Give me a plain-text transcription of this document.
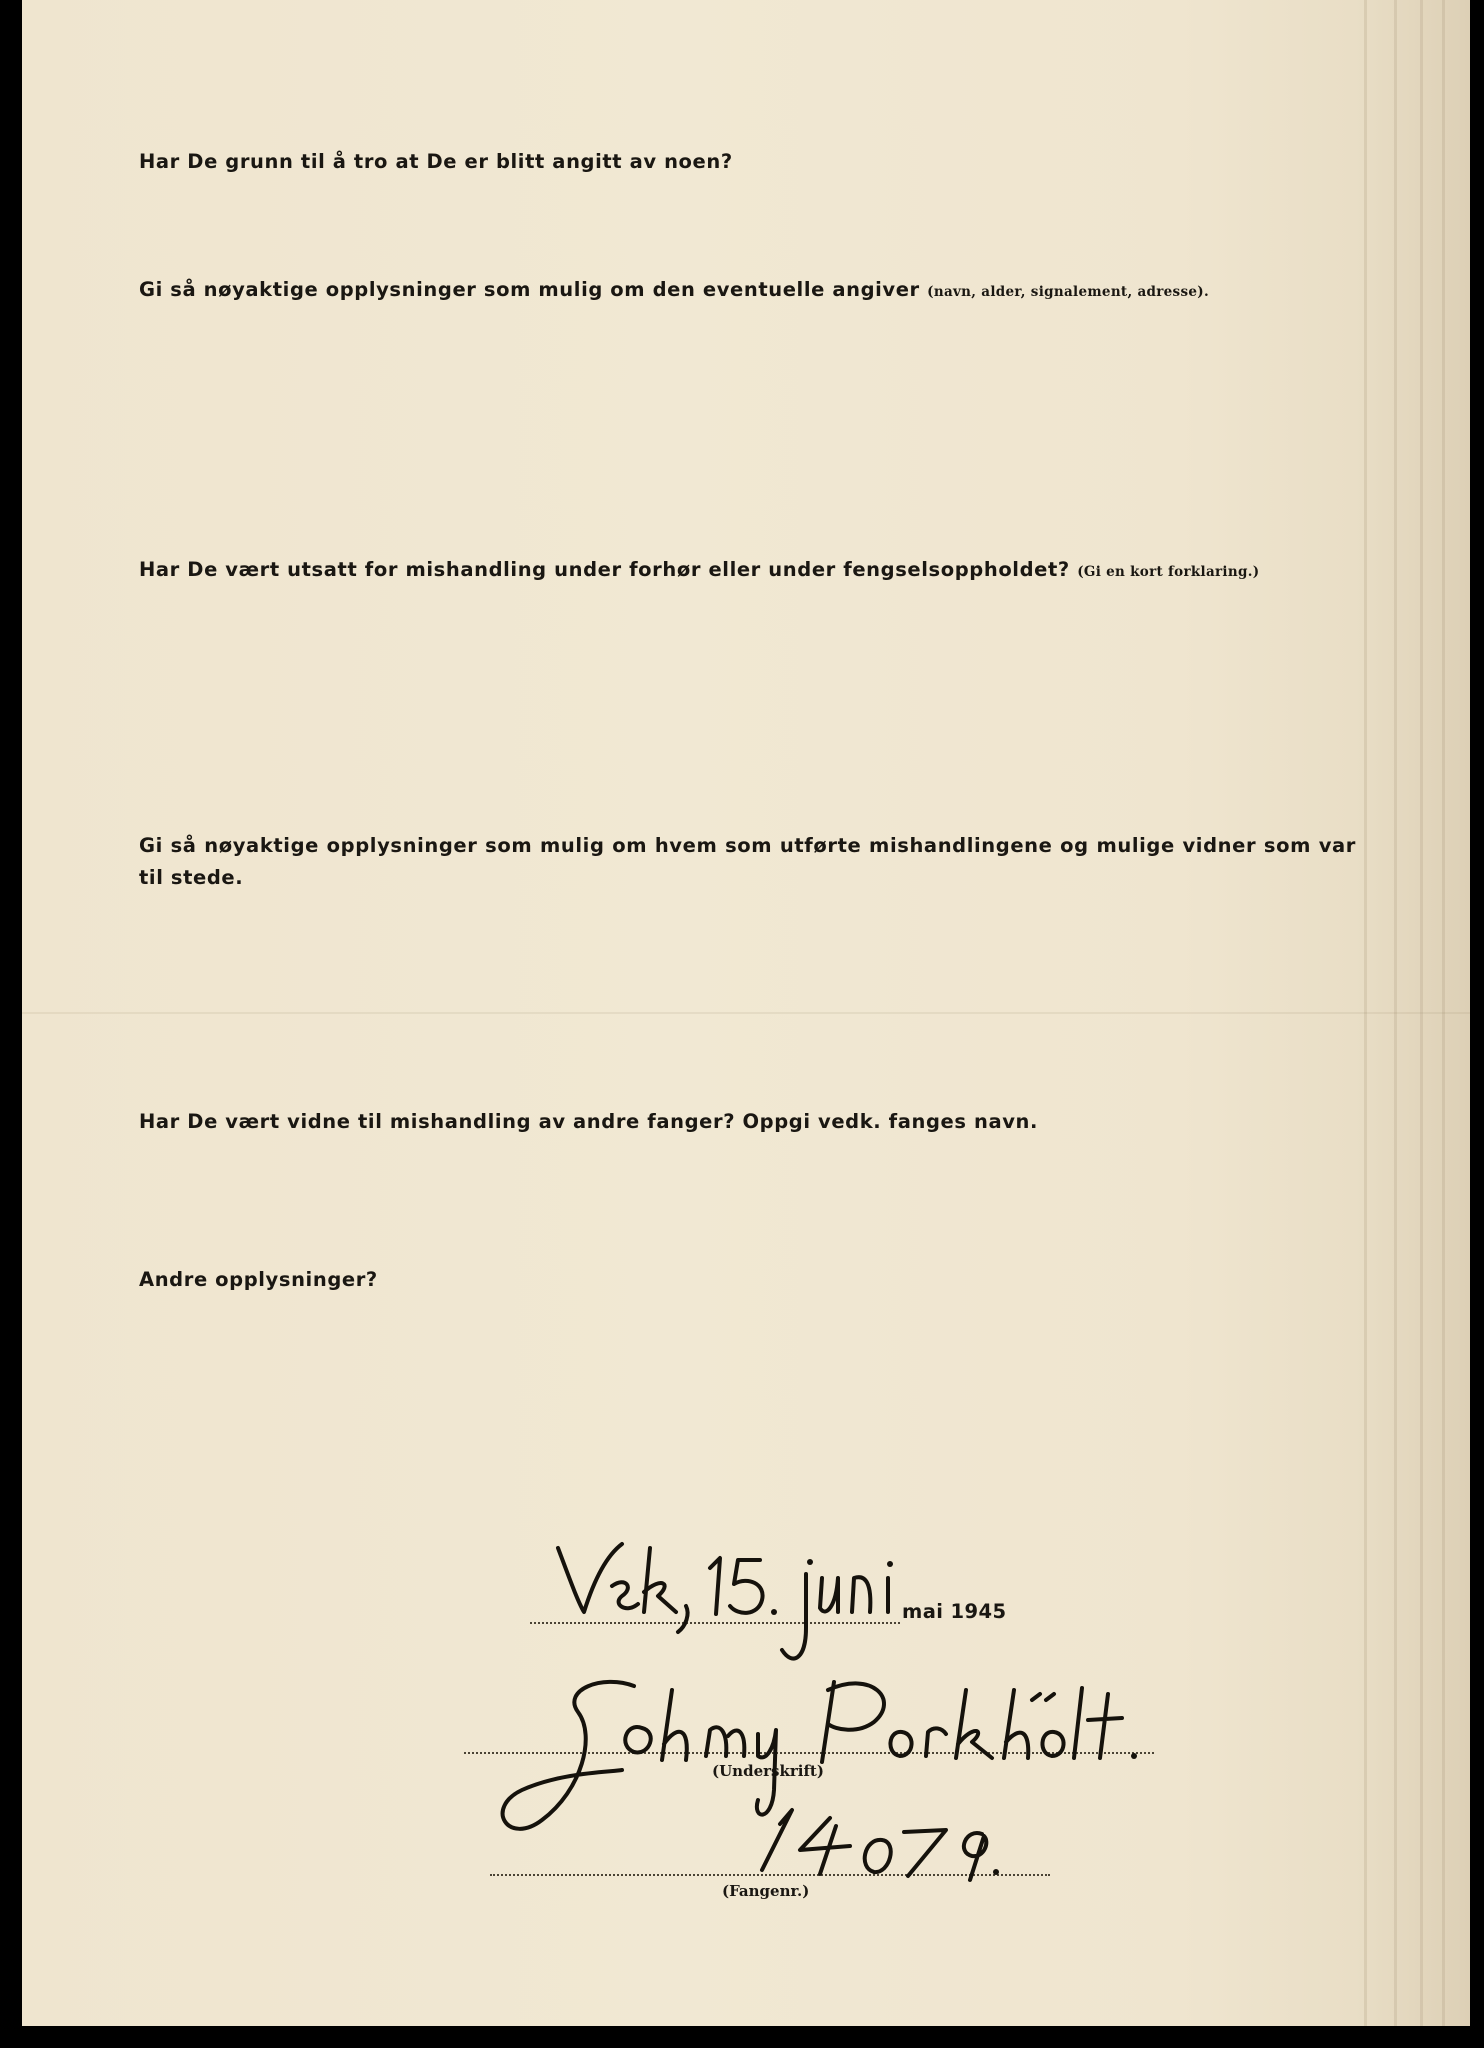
Har De grunn til å tro at De er blitt angitt av noen?

Gi så nøyaktige opplysninger som mulig om den eventuelle angiver (navn, alder, signalement, adresse).

Har De vært utsatt for mishandling under forhør eller under fengselsoppholdet? (Gi en kort forklaring.)

Gi så nøyaktige opplysninger som mulig om hvem som utførte mishandlingene og mulige vidner som var til stede.

Har De vært vidne til mishandling av andre fanger? Oppgi vedk. fanges navn.

Andre opplysninger?

mai 1945
(Underskrift)
(Fangenr.)
